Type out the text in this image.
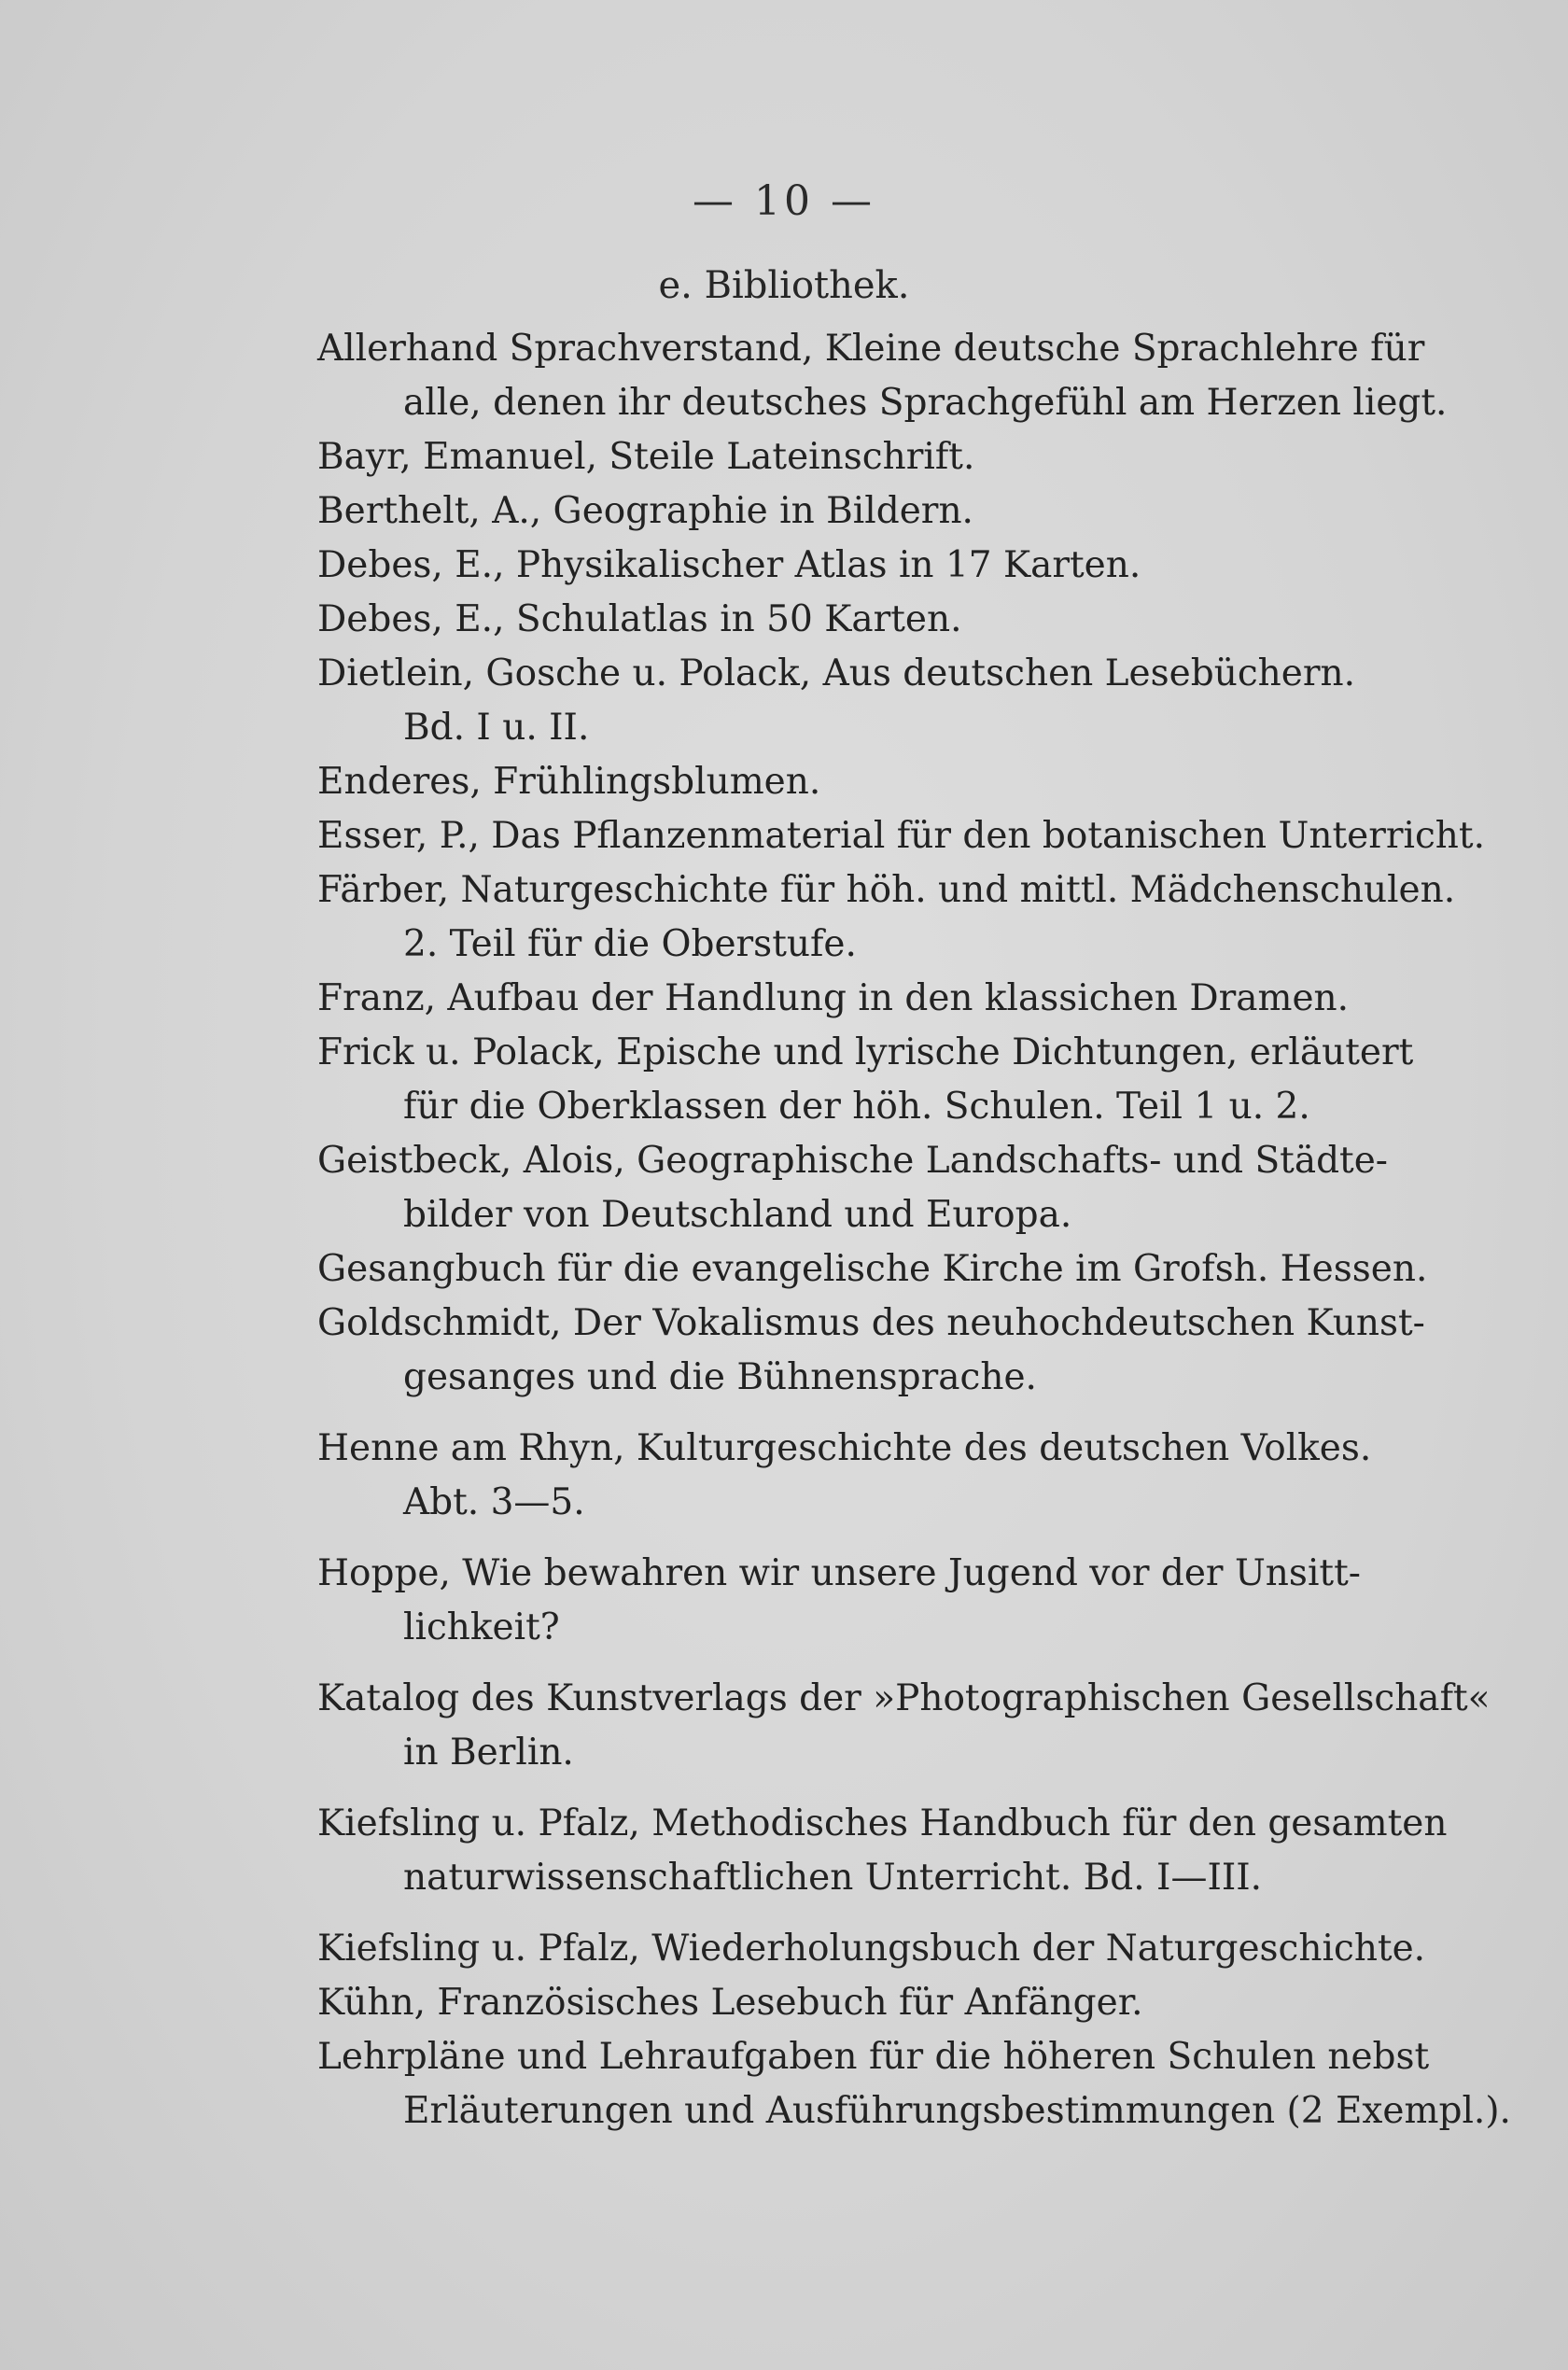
— 10 —
e. Bibliothek.
Allerhand Sprachverstand, Kleine deutsche Sprachlehre für
alle, denen ihr deutsches Sprachgefühl am Herzen liegt.
Bayr, Emanuel, Steile Lateinschrift.
Berthelt, A., Geographie in Bildern.
Debes, E., Physikalischer Atlas in 17 Karten.
Debes, E., Schulatlas in 50 Karten.
Dietlein, Gosche u. Polack, Aus deutschen Lesebüchern.
Bd. I u. II.
Enderes, Frühlingsblumen.
Esser, P., Das Pflanzenmaterial für den botanischen Unterricht.
Färber, Naturgeschichte für höh. und mittl. Mädchenschulen.
2. Teil für die Oberstufe.
Franz, Aufbau der Handlung in den klassichen Dramen.
Frick u. Polack, Epische und lyrische Dichtungen, erläutert
für die Oberklassen der höh. Schulen. Teil 1 u. 2.
Geistbeck, Alois, Geographische Landschafts- und Städte-
bilder von Deutschland und Europa.
Gesangbuch für die evangelische Kirche im Grofsh. Hessen.
Goldschmidt, Der Vokalismus des neuhochdeutschen Kunst-
gesanges und die Bühnensprache.
Henne am Rhyn, Kulturgeschichte des deutschen Volkes.
Abt. 3—5.
Hoppe, Wie bewahren wir unsere Jugend vor der Unsitt-
lichkeit?
Katalog des Kunstverlags der »Photographischen Gesellschaft«
in Berlin.
Kiefsling u. Pfalz, Methodisches Handbuch für den gesamten
naturwissenschaftlichen Unterricht. Bd. I—III.
Kiefsling u. Pfalz, Wiederholungsbuch der Naturgeschichte.
Kühn, Französisches Lesebuch für Anfänger.
Lehrpläne und Lehraufgaben für die höheren Schulen nebst
Erläuterungen und Ausführungsbestimmungen (2 Exempl.).
